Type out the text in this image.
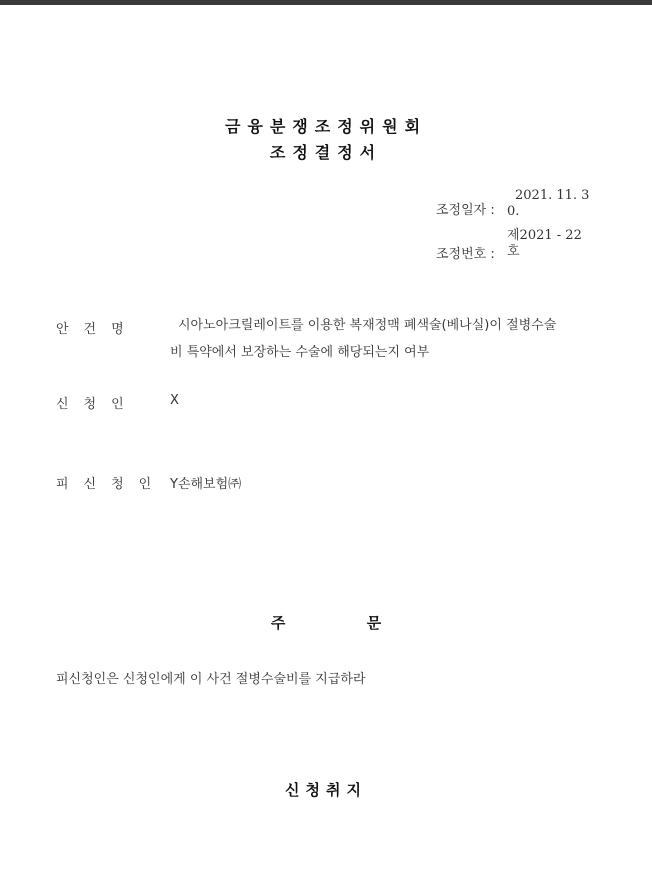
금융분쟁조정위원회
조정결정서
조정일자 :
2021. 11. 30.
조정번호 :
제2021 - 22 호
안건명	시아노아크릴레이트를 이용한 복재정맥 폐색술(베나실)이 절병수술
비 특약에서 보장하는 수술에 해당되는지 여부
신청인 X
피신청인 Y손해보험㈜
주 문
피신청인은 신청인에게 이 사건 절병수술비를 지급하라
신청취지
